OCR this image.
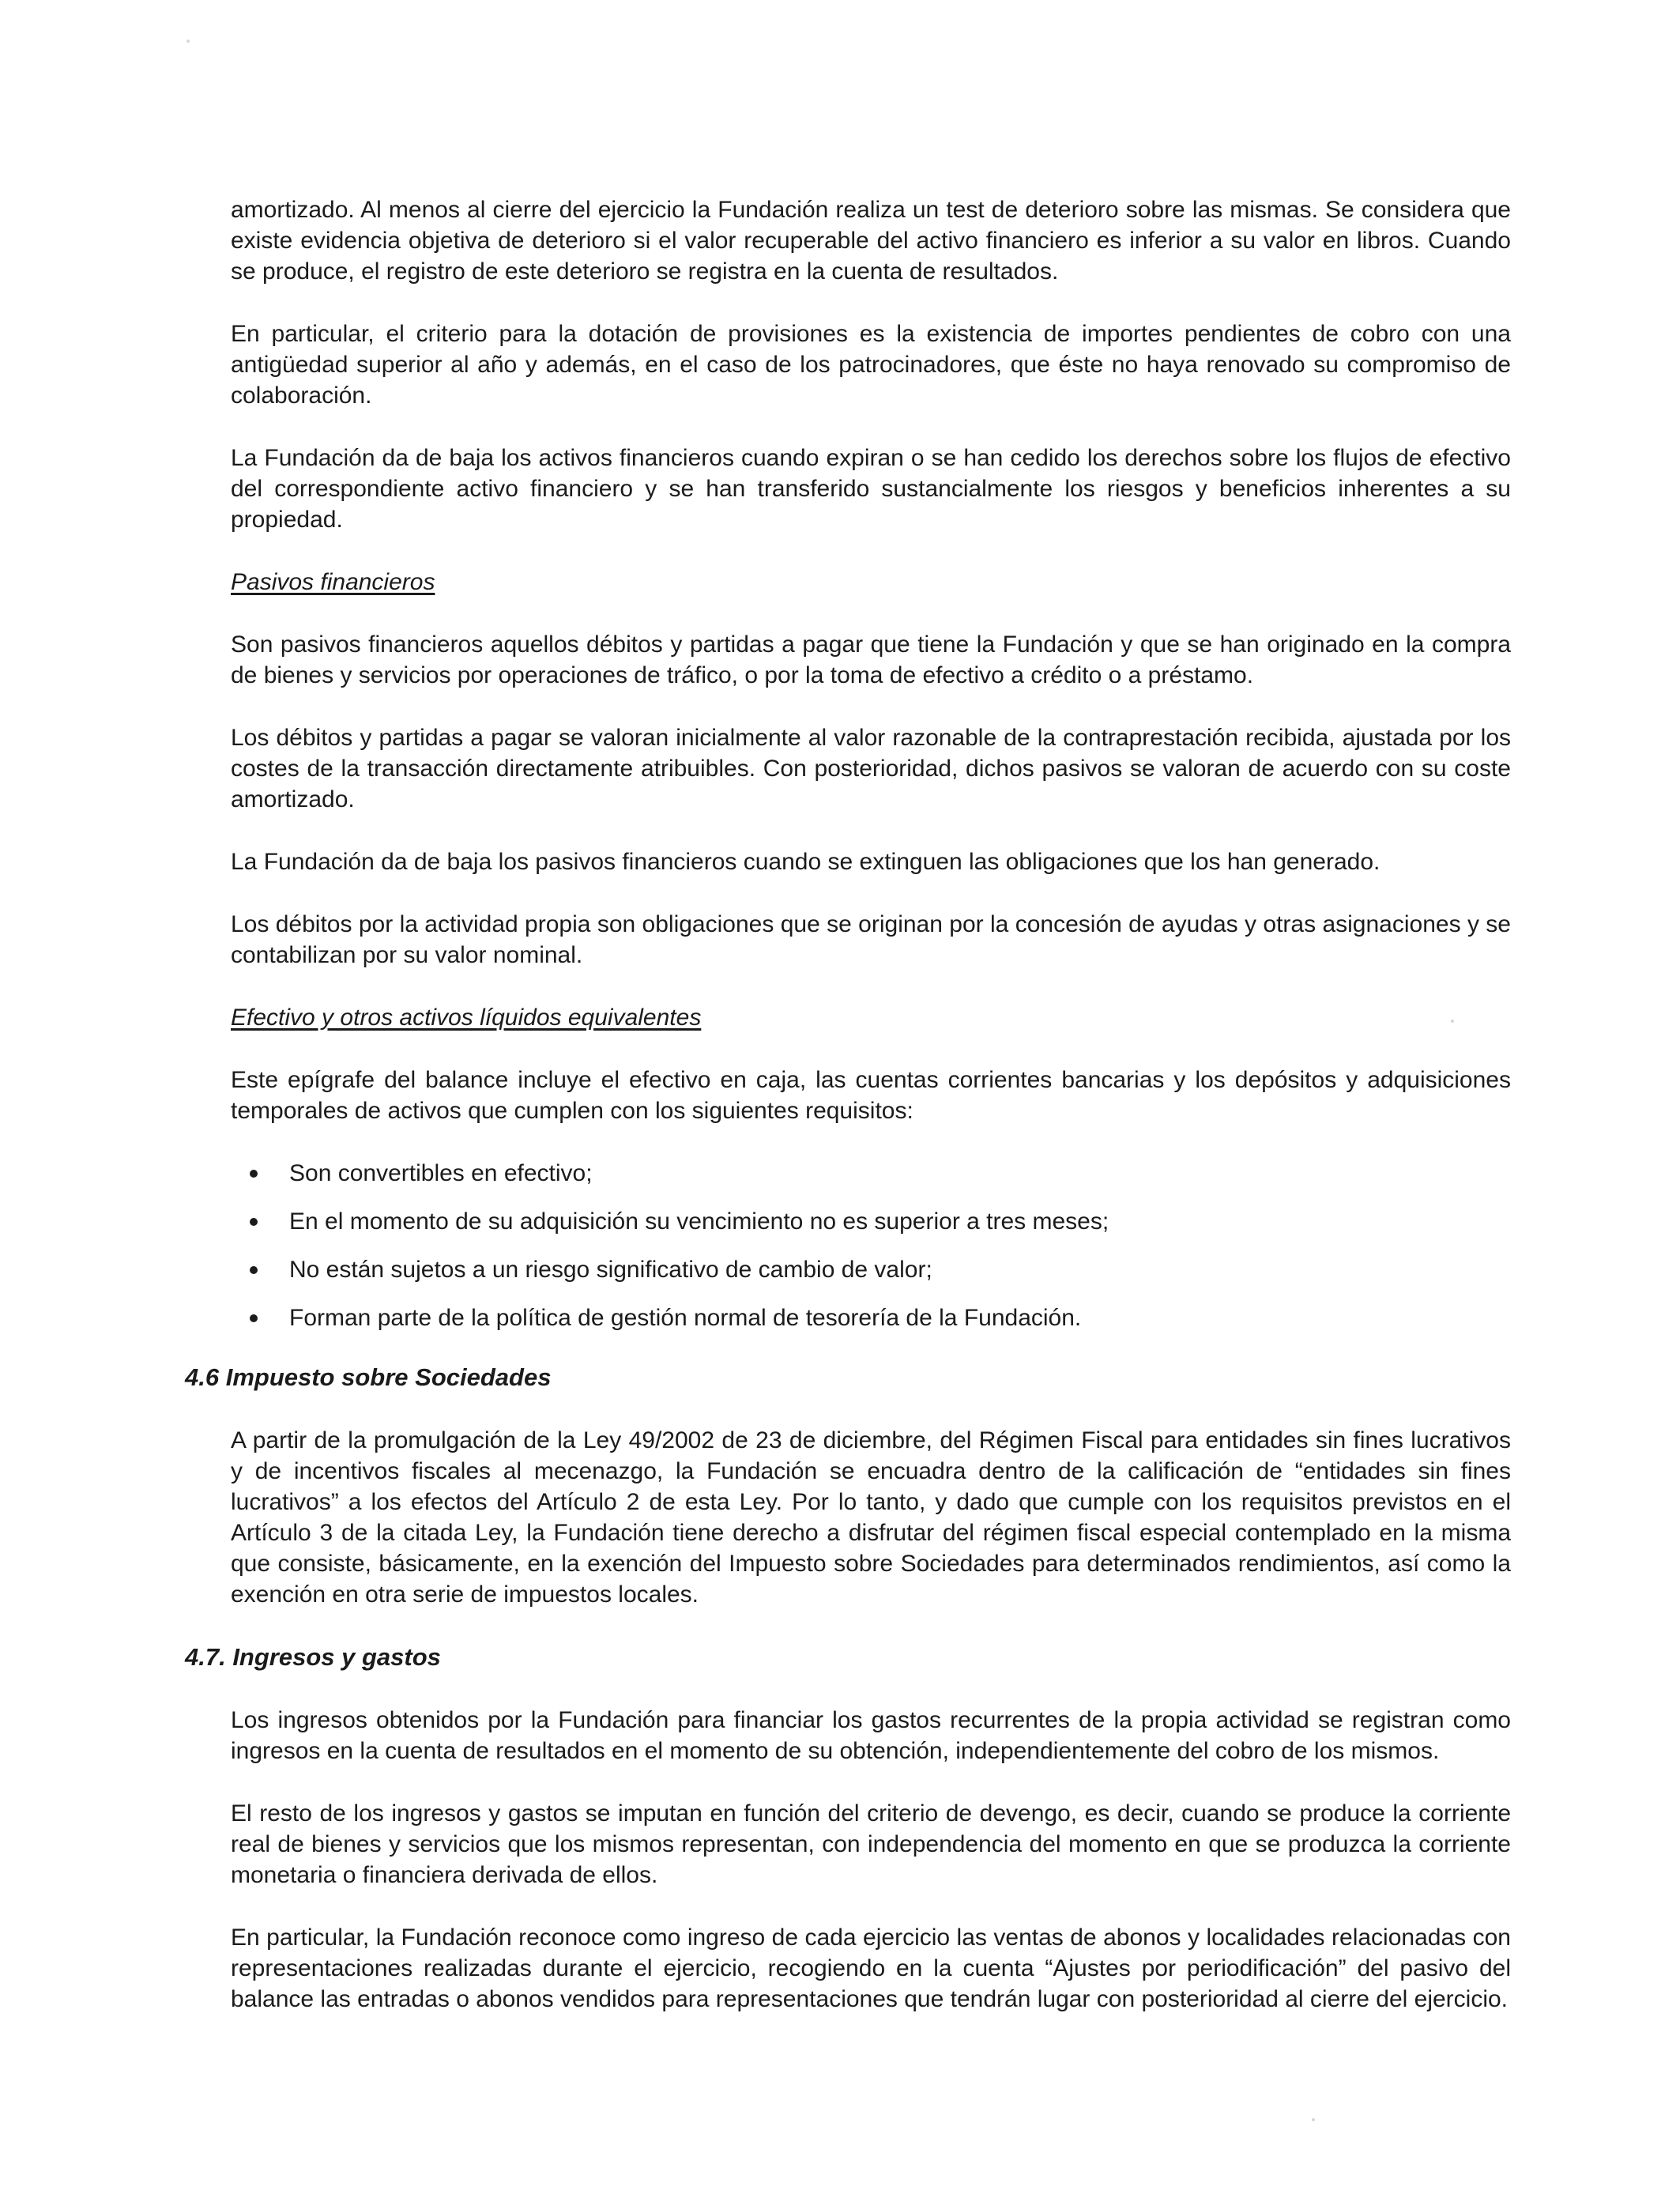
amortizado. Al menos al cierre del ejercicio la Fundación realiza un test de deterioro sobre las mismas. Se considera que existe evidencia objetiva de deterioro si el valor recuperable del activo financiero es inferior a su valor en libros. Cuando se produce, el registro de este deterioro se registra en la cuenta de resultados.

En particular, el criterio para la dotación de provisiones es la existencia de importes pendientes de cobro con una antigüedad superior al año y además, en el caso de los patrocinadores, que éste no haya renovado su compromiso de colaboración.

La Fundación da de baja los activos financieros cuando expiran o se han cedido los derechos sobre los flujos de efectivo del correspondiente activo financiero y se han transferido sustancialmente los riesgos y beneficios inherentes a su propiedad.

Pasivos financieros

Son pasivos financieros aquellos débitos y partidas a pagar que tiene la Fundación y que se han originado en la compra de bienes y servicios por operaciones de tráfico, o por la toma de efectivo a crédito o a préstamo.

Los débitos y partidas a pagar se valoran inicialmente al valor razonable de la contraprestación recibida, ajustada por los costes de la transacción directamente atribuibles. Con posterioridad, dichos pasivos se valoran de acuerdo con su coste amortizado.

La Fundación da de baja los pasivos financieros cuando se extinguen las obligaciones que los han generado.

Los débitos por la actividad propia son obligaciones que se originan por la concesión de ayudas y otras asignaciones y se contabilizan por su valor nominal.

Efectivo y otros activos líquidos equivalentes

Este epígrafe del balance incluye el efectivo en caja, las cuentas corrientes bancarias y los depósitos y adquisiciones temporales de activos que cumplen con los siguientes requisitos:

Son convertibles en efectivo;
En el momento de su adquisición su vencimiento no es superior a tres meses;
No están sujetos a un riesgo significativo de cambio de valor;
Forman parte de la política de gestión normal de tesorería de la Fundación.
4.6 Impuesto sobre Sociedades

A partir de la promulgación de la Ley 49/2002 de 23 de diciembre, del Régimen Fiscal para entidades sin fines lucrativos y de incentivos fiscales al mecenazgo, la Fundación se encuadra dentro de la calificación de “entidades sin fines lucrativos” a los efectos del Artículo 2 de esta Ley. Por lo tanto, y dado que cumple con los requisitos previstos en el Artículo 3 de la citada Ley, la Fundación tiene derecho a disfrutar del régimen fiscal especial contemplado en la misma que consiste, básicamente, en la exención del Impuesto sobre Sociedades para determinados rendimientos, así como la exención en otra serie de impuestos locales.

4.7. Ingresos y gastos

Los ingresos obtenidos por la Fundación para financiar los gastos recurrentes de la propia actividad se registran como ingresos en la cuenta de resultados en el momento de su obtención, independientemente del cobro de los mismos.

El resto de los ingresos y gastos se imputan en función del criterio de devengo, es decir, cuando se produce la corriente real de bienes y servicios que los mismos representan, con independencia del momento en que se produzca la corriente monetaria o financiera derivada de ellos.

En particular, la Fundación reconoce como ingreso de cada ejercicio las ventas de abonos y localidades relacionadas con representaciones realizadas durante el ejercicio, recogiendo en la cuenta “Ajustes por periodificación” del pasivo del balance las entradas o abonos vendidos para representaciones que tendrán lugar con posterioridad al cierre del ejercicio.
